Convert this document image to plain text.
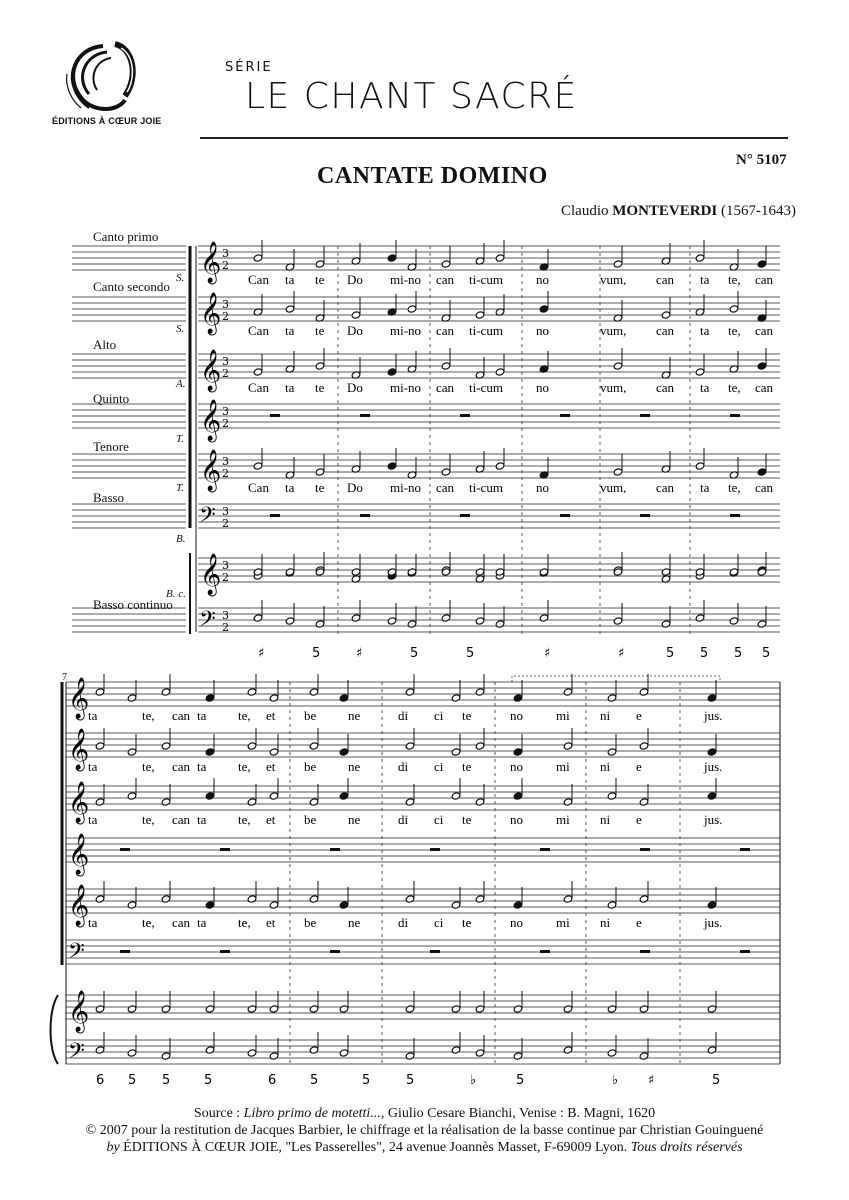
ÉDITIONS À CŒUR JOIE
SÉRIE
LE CHANT SACRÉ
N° 5107
CANTATE DOMINO
Claudio MONTEVERDI (1567-1643)
Canto primo
S.
Canto secondo
S.
Alto
A.
Quinto
T.
Tenore
T.
Basso
B.
B. c.
Basso continuo
7
𝄞 3
2
𝄞 3
2
𝄞 3
2
𝄞 3
2
𝄞 3
2
𝄢 3
2
𝄞 3
2
𝄢 3
2
𝄞
𝄞
𝄞
𝄞
𝄞
𝄢
𝄞
𝄢
Can ta te Do mi-no can ti-cum	no	vum, can ta te, can
Can ta te Do mi-no can ti-cum	no	vum, can ta te, can
Can ta te Do mi-no can ti-cum	no	vum, can ta te, can
Can ta te Do mi-no can ti-cum	no	vum, can ta te, can
ta	te, can ta te, et be ne	di ci te	no	mi ni e	jus.
ta	te, can ta te, et be ne	di ci te	no	mi ni e	jus.
ta	te, can ta te, et be ne	di ci te	no	mi ni e	jus.
ta	te, can ta te, et be ne	di ci te	no	mi ni e	jus.
♯	5	♯	5	5	♯	♯	5 5 5 5
6 5 5	5	6	5	5	5	♭	5	♭ ♯	5
Source : Libro primo de motetti..., Giulio Cesare Bianchi, Venise : B. Magni, 1620
© 2007 pour la restitution de Jacques Barbier, le chiffrage et la réalisation de la basse continue par Christian Gouinguené
by ÉDITIONS À CŒUR JOIE, "Les Passerelles", 24 avenue Joannès Masset, F-69009 Lyon. Tous droits réservés
